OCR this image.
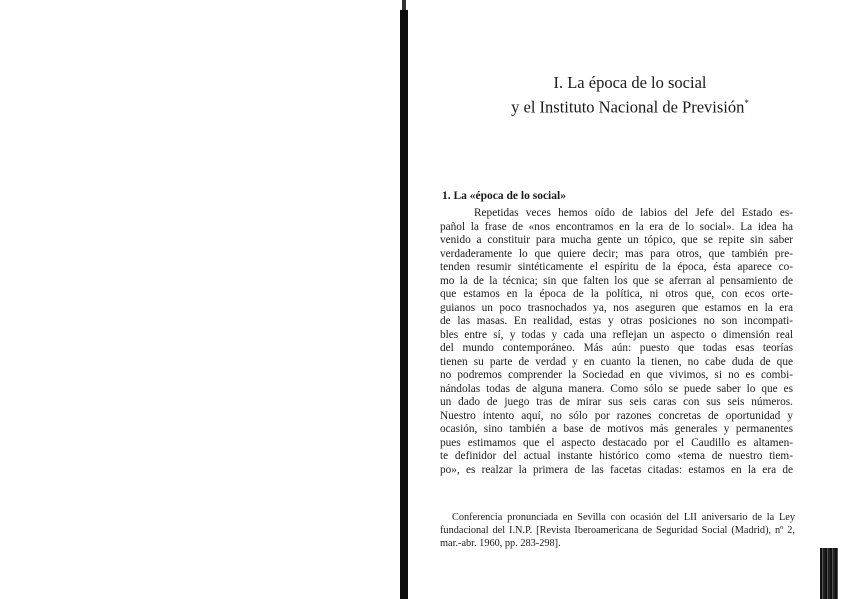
I. La época de lo social
y el Instituto Nacional de Previsión*
1. La «época de lo social»
Repetidas veces hemos oído de labios del Jefe del Estado es-
pañol la frase de «nos encontramos en la era de lo social». La idea ha
venido a constituir para mucha gente un tópico, que se repite sin saber
verdaderamente lo que quiere decir; mas para otros, que también pre-
tenden resumir sintéticamente el espíritu de la época, ésta aparece co-
mo la de la técnica; sin que falten los que se aferran al pensamiento de
que estamos en la época de la política, ni otros que, con ecos orte-
guianos un poco trasnochados ya, nos aseguren que estamos en la era
de las masas. En realidad, estas y otras posiciones no son incompati-
bles entre sí, y todas y cada una reflejan un aspecto o dimensión real
del mundo contemporáneo. Más aún: puesto que todas esas teorías
tienen su parte de verdad y en cuanto la tienen, no cabe duda de que
no podremos comprender la Sociedad en que vivimos, si no es combi-
nándolas todas de alguna manera. Como sólo se puede saber lo que es
un dado de juego tras de mirar sus seis caras con sus seis números.
Nuestro intento aquí, no sólo por razones concretas de oportunidad y
ocasión, sino también a base de motivos más generales y permanentes
pues estimamos que el aspecto destacado por el Caudillo es altamen-
te definidor del actual instante histórico como «tema de nuestro tiem-
po», es realzar la primera de las facetas citadas: estamos en la era de
Conferencia pronunciada en Sevilla con ocasión del LII aniversario de la Ley
fundacional del I.N.P. [Revista Iberoamericana de Seguridad Social (Madrid), nº 2,
mar.-abr. 1960, pp. 283-298].
